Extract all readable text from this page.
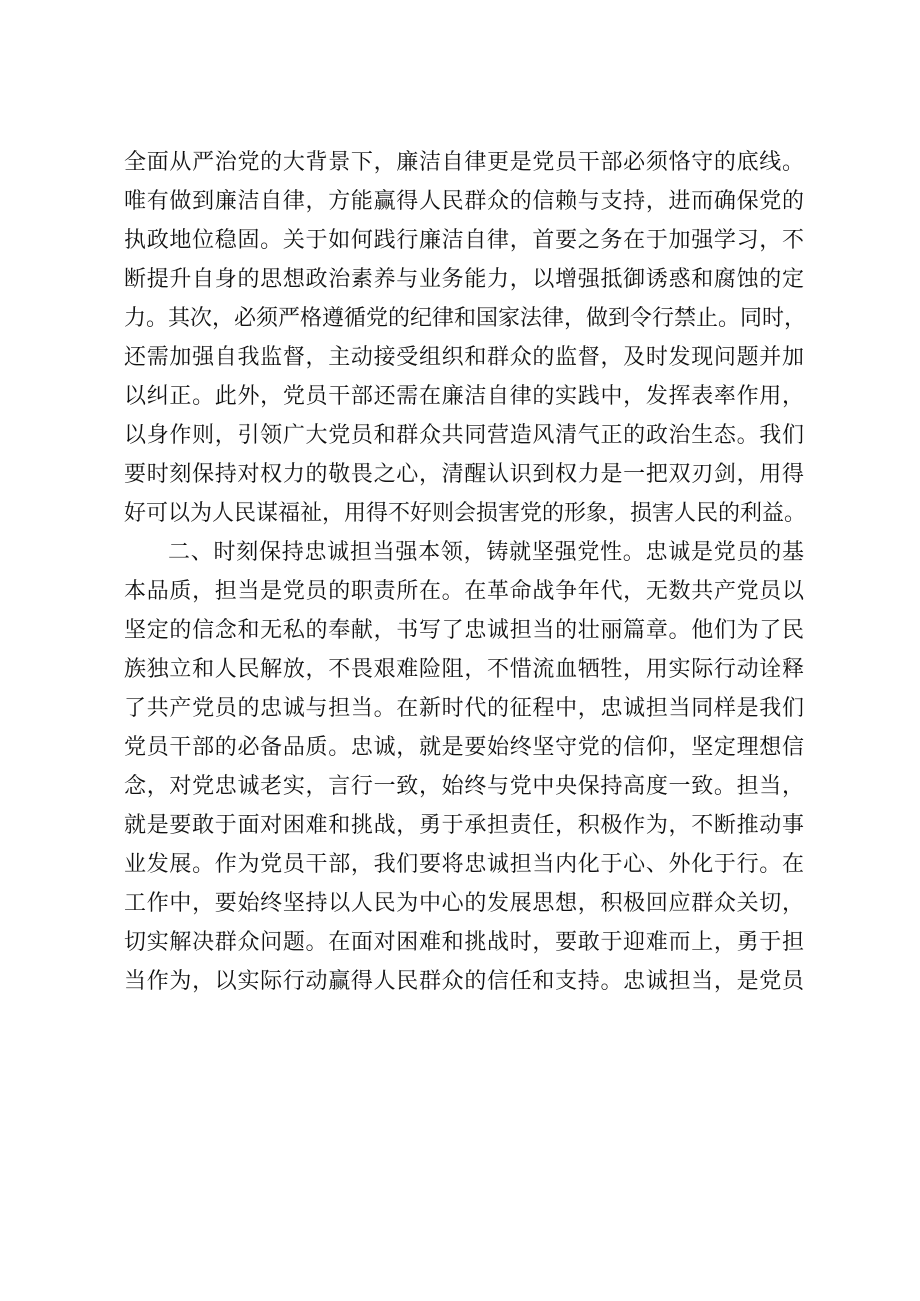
全面从严治党的大背景下，廉洁自律更是党员干部必须恪守的底线。
唯有做到廉洁自律，方能赢得人民群众的信赖与支持，进而确保党的
执政地位稳固。关于如何践行廉洁自律，首要之务在于加强学习，不
断提升自身的思想政治素养与业务能力，以增强抵御诱惑和腐蚀的定
力。其次，必须严格遵循党的纪律和国家法律，做到令行禁止。同时，
还需加强自我监督，主动接受组织和群众的监督，及时发现问题并加
以纠正。此外，党员干部还需在廉洁自律的实践中，发挥表率作用，
以身作则，引领广大党员和群众共同营造风清气正的政治生态。我们
要时刻保持对权力的敬畏之心，清醒认识到权力是一把双刃剑，用得
好可以为人民谋福祉，用得不好则会损害党的形象，损害人民的利益。
二、时刻保持忠诚担当强本领，铸就坚强党性。忠诚是党员的基
本品质，担当是党员的职责所在。在革命战争年代，无数共产党员以
坚定的信念和无私的奉献，书写了忠诚担当的壮丽篇章。他们为了民
族独立和人民解放，不畏艰难险阻，不惜流血牺牲，用实际行动诠释
了共产党员的忠诚与担当。在新时代的征程中，忠诚担当同样是我们
党员干部的必备品质。忠诚，就是要始终坚守党的信仰，坚定理想信
念，对党忠诚老实，言行一致，始终与党中央保持高度一致。担当，
就是要敢于面对困难和挑战，勇于承担责任，积极作为，不断推动事
业发展。作为党员干部，我们要将忠诚担当内化于心、外化于行。在
工作中，要始终坚持以人民为中心的发展思想，积极回应群众关切，
切实解决群众问题。在面对困难和挑战时，要敢于迎难而上，勇于担
当作为，以实际行动赢得人民群众的信任和支持。忠诚担当，是党员
